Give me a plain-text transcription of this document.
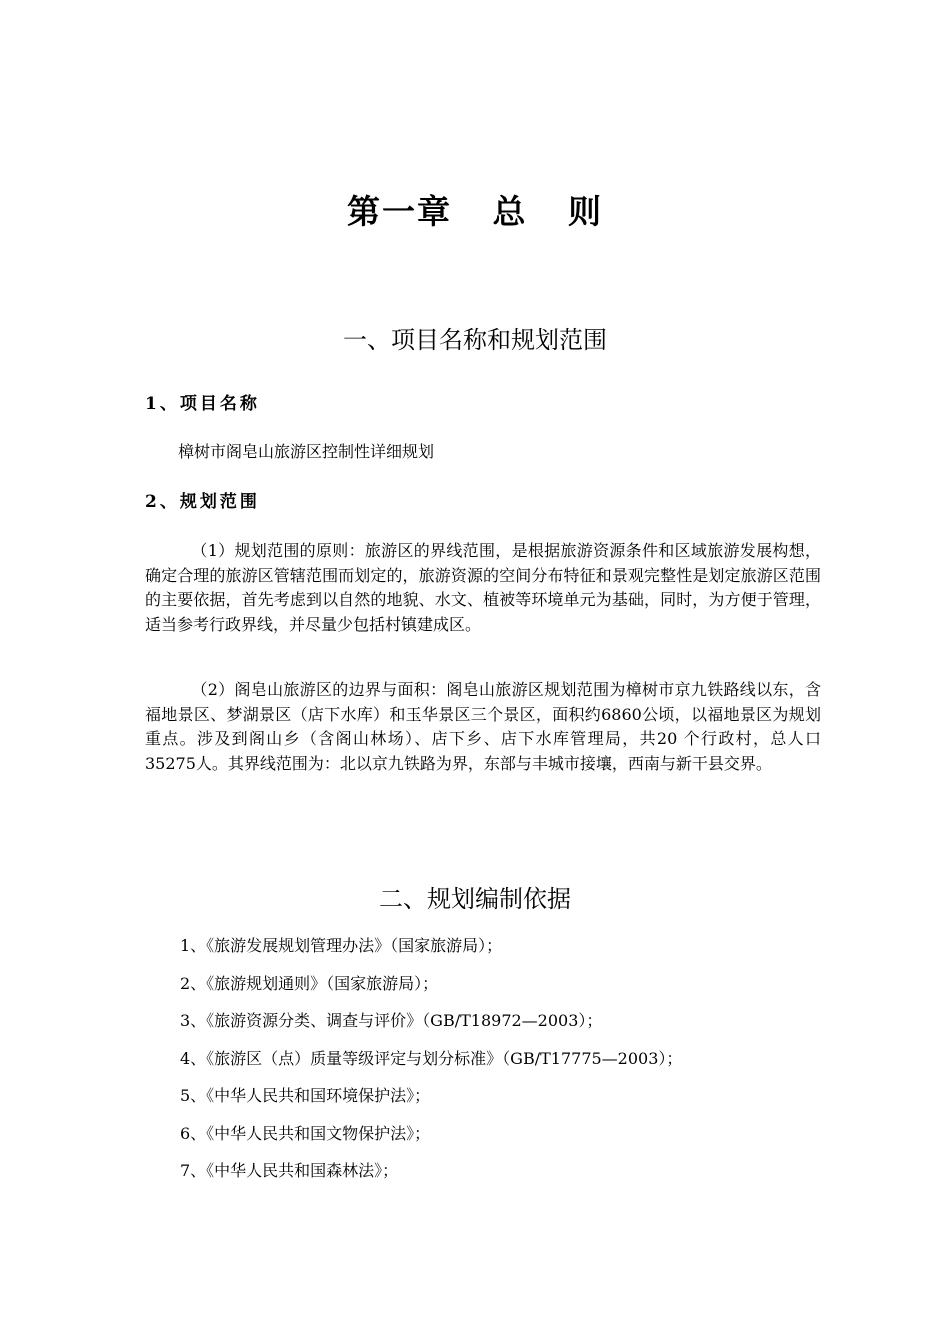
第一章   总   则
一、项目名称和规划范围
1、项目名称
樟树市阁皂山旅游区控制性详细规划
2、规划范围

（1）规划范围的原则：旅游区的界线范围，是根据旅游资源条件和区域旅游发展构想，确定合理的旅游区管辖范围而划定的，旅游资源的空间分布特征和景观完整性是划定旅游区范围的主要依据，首先考虑到以自然的地貌、水文、植被等环境单元为基础，同时，为方便于管理，适当参考行政界线，并尽量少包括村镇建成区。

（2）阁皂山旅游区的边界与面积：阁皂山旅游区规划范围为樟树市京九铁路线以东，含福地景区、梦湖景区（店下水库）和玉华景区三个景区，面积约6860公顷，以福地景区为规划重点。涉及到阁山乡（含阁山林场）、店下乡、店下水库管理局，共20 个行政村，总人口35275人。其界线范围为：北以京九铁路为界，东部与丰城市接壤，西南与新干县交界。

二、规划编制依据
1、《旅游发展规划管理办法》（国家旅游局）；
2、《旅游规划通则》（国家旅游局）；
3、《旅游资源分类、调查与评价》（GB/T18972—2003）；
4、《旅游区（点）质量等级评定与划分标准》（GB/T17775—2003）；
5、《中华人民共和国环境保护法》；
6、《中华人民共和国文物保护法》；
7、《中华人民共和国森林法》；
